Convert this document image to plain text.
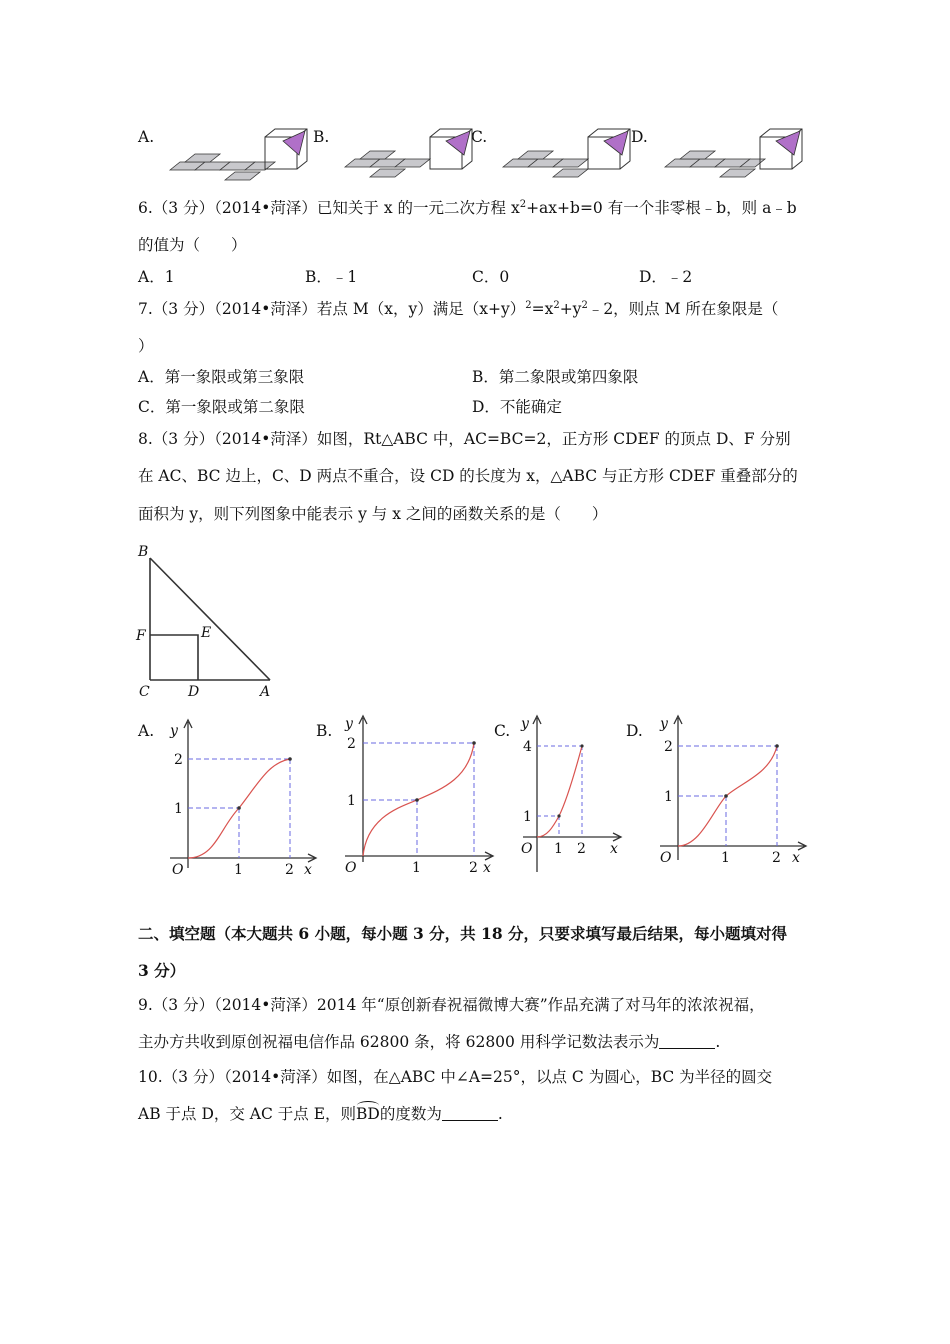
A.	B.	C.	D.
6.（3 分）（2014•菏泽）已知关于 x 的一元二次方程 $x^2+ax+b=0$ 有一个非零根﹣b，则 a﹣b
的值为（　　）
A．1	B．﹣1	C．0	D．﹣2
7.（3 分）（2014•菏泽）若点 M（x，y）满足$(x+y)^2=x^2+y^2﹣2$，则点 M 所在象限是（
）
A．第一象限或第三象限	B．第二象限或第四象限
C．第一象限或第二象限	D．不能确定
8.（3 分）（2014•菏泽）如图，Rt△ABC 中，AC=BC=2，正方形 CDEF 的顶点 D、F 分别
在 AC、BC 边上，C、D 两点不重合，设 CD 的长度为 x，△ABC 与正方形 CDEF 重叠部分的
面积为 y，则下列图象中能表示 y 与 x 之间的函数关系的是（　　）
B
F	E
C	D	A
A.	B.	C.	D.
y
O	x
1	2
1
2
y
O	x
1	2
1
2
y
O	x
1 2
1
4
y
O	x
1	2
1
2
二、填空题（本大题共 6 小题，每小题 3 分，共 18 分，只要求填写最后结果，每小题填对得
3 分）
9.（3 分）（2014•菏泽）2014 年“原创新春祝福微博大赛”作品充满了对马年的浓浓祝福，
主办方共收到原创祝福电信作品 62800 条，将 62800 用科学记数法表示为	.
10.（3 分）（2014•菏泽）如图，在△ABC 中∠A=25°，以点 C 为圆心，BC 为半径的圆交
AB 于点 D，交 AC 于点 E，则BD的度数为	.
